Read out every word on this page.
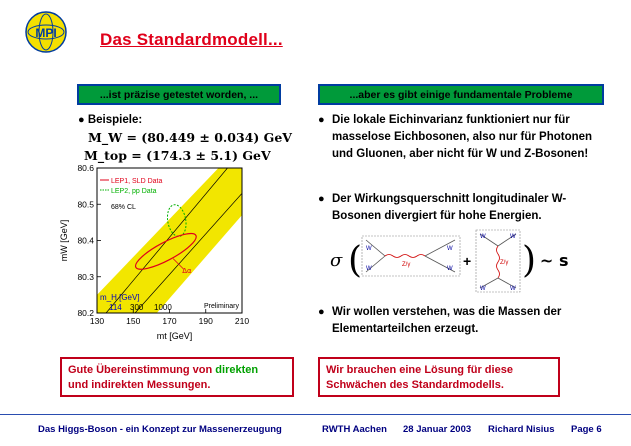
MPI	Das Standardmodell...
...ist präzise getestet worden, ...	...aber es gibt einige fundamentale Probleme
● Beispiele:
M_W = (80.449 ± 0.034) GeV
M_top = (174.3 ± 5.1) GeV
130	150	170	190	210
80.2
80.3
80.4
80.5
80.6
mt [GeV]
mW [GeV]
LEP1, SLD Data
LEP2, pp Data
68% CL
Δα
Preliminary
m_H [GeV]
114 300 1000
● Die lokale Eichinvarianz funktioniert nur für masselose Eichbosonen, also nur für Photonen und Gluonen, aber nicht für W und Z-Bosonen!
● Der Wirkungsquerschnitt longitudinaler W-Bosonen divergiert für hohe Energien.
σ ( W
W
W
W
Z/γ	+
W	W
W	W
Z/γ ) ∼ s
● Wir wollen verstehen, was die Massen der Elementarteilchen erzeugt.
Gute Übereinstimmung von direkten
und indirekten Messungen.
Wir brauchen eine Lösung für diese Schwächen des Standardmodells.
Das Higgs-Boson - ein Konzept zur Massenerzeugung	RWTH Aachen 28 Januar 2003 Richard Nisius Page 6
